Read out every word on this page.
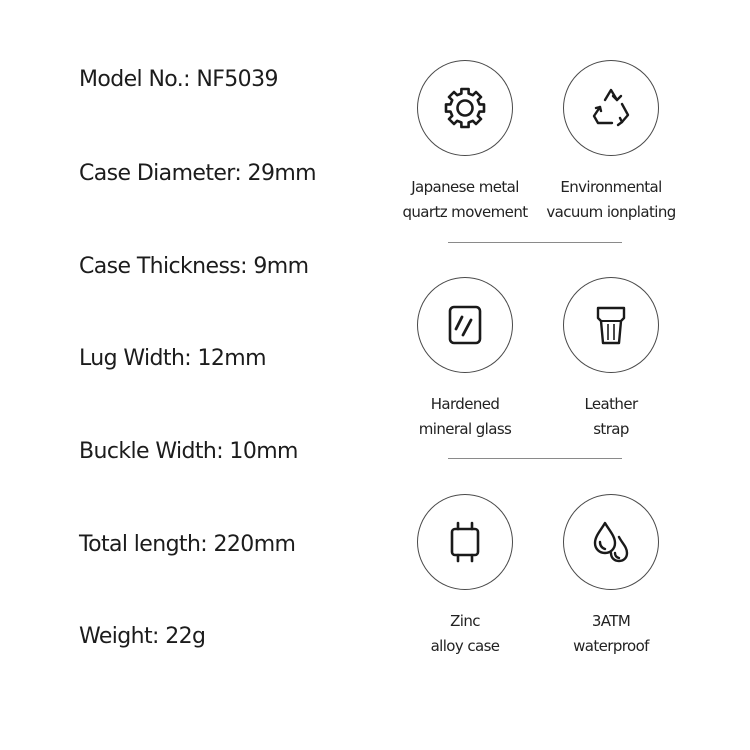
Model No.: NF5039
Case Diameter: 29mm
Case Thickness: 9mm
Lug Width: 12mm
Buckle Width: 10mm
Total length: 220mm
Weight: 22g
Japanese metal
quartz movement
Environmental
vacuum ionplating
Hardened
mineral glass
Leather
strap
Zinc
alloy case
3ATM
waterproof
